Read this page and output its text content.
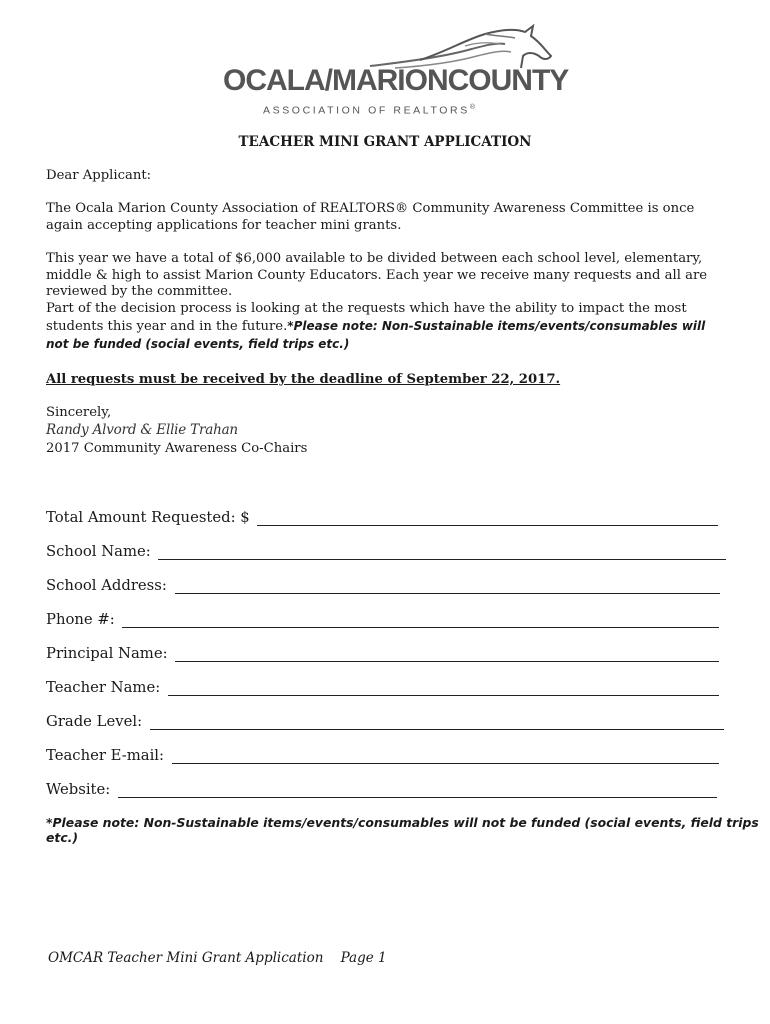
OCALA/MARIONCOUNTY
ASSOCIATION OF REALTORS®
TEACHER MINI GRANT APPLICATION
Dear Applicant:
The Ocala Marion County Association of REALTORS® Community Awareness Committee is once again accepting applications for teacher mini grants.
This year we have a total of $6,000 available to be divided between each school level, elementary,
middle & high to assist Marion County Educators. Each year we receive many requests and all are
reviewed by the committee.
Part of the decision process is looking at the requests which have the ability to impact the most
students this year and in the future.*Please note: Non-Sustainable items/events/consumables will not be funded (social events, field trips etc.)
All requests must be received by the deadline of September 22, 2017.
Sincerely,
Randy Alvord & Ellie Trahan
2017 Community Awareness Co-Chairs
Total Amount Requested: $
School Name:
School Address:
Phone #:
Principal Name:
Teacher Name:
Grade Level:
Teacher E-mail:
Website:
*Please note: Non-Sustainable items/events/consumables will not be funded (social events, field trips etc.)
OMCAR Teacher Mini Grant Application Page 1
